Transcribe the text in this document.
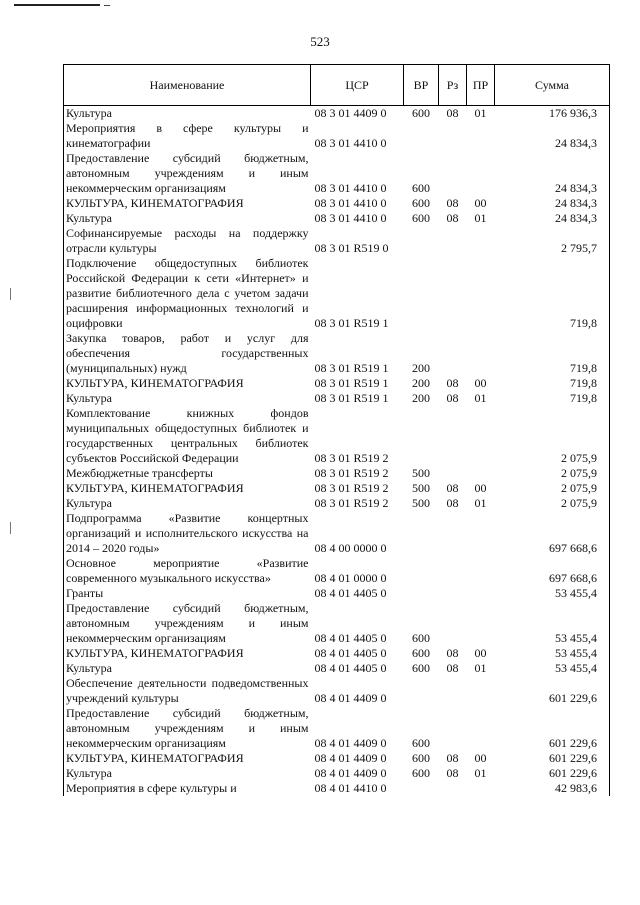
523
Наименование	ЦСР	ВР	Рз	ПР	Сумма
Культура	08 3 01 4409 0	600	08	01	176 936,3
Мероприятия в сфере культуры и кинематографии	08 3 01 4410 0				24 834,3
Предоставление субсидий бюджетным, автономным учреждениям и иным некоммерческим организациям	08 3 01 4410 0	600			24 834,3
КУЛЬТУРА, КИНЕМАТОГРАФИЯ	08 3 01 4410 0	600	08	00	24 834,3
Культура	08 3 01 4410 0	600	08	01	24 834,3
Софинансируемые расходы на поддержку отрасли культуры	08 3 01 R519 0				2 795,7
Подключение общедоступных библиотек Российской Федерации к сети «Интернет» и развитие библиотечного дела с учетом задачи расширения информационных технологий и оцифровки	08 3 01 R519 1				719,8
Закупка товаров, работ и услуг для обеспечения государственных (муниципальных) нужд	08 3 01 R519 1	200			719,8
КУЛЬТУРА, КИНЕМАТОГРАФИЯ	08 3 01 R519 1	200	08	00	719,8
Культура	08 3 01 R519 1	200	08	01	719,8
Комплектование книжных фондов муниципальных общедоступных библиотек и государственных центральных библиотек субъектов Российской Федерации	08 3 01 R519 2				2 075,9
Межбюджетные трансферты	08 3 01 R519 2	500			2 075,9
КУЛЬТУРА, КИНЕМАТОГРАФИЯ	08 3 01 R519 2	500	08	00	2 075,9
Культура	08 3 01 R519 2	500	08	01	2 075,9
Подпрограмма «Развитие концертных организаций и исполнительского искусства на 2014 – 2020 годы»	08 4 00 0000 0				697 668,6
Основное мероприятие «Развитие современного музыкального искусства»	08 4 01 0000 0				697 668,6
Гранты	08 4 01 4405 0				53 455,4
Предоставление субсидий бюджетным, автономным учреждениям и иным некоммерческим организациям	08 4 01 4405 0	600			53 455,4
КУЛЬТУРА, КИНЕМАТОГРАФИЯ	08 4 01 4405 0	600	08	00	53 455,4
Культура	08 4 01 4405 0	600	08	01	53 455,4
Обеспечение деятельности подведомственных учреждений культуры	08 4 01 4409 0				601 229,6
Предоставление субсидий бюджетным, автономным учреждениям и иным некоммерческим организациям	08 4 01 4409 0	600			601 229,6
КУЛЬТУРА, КИНЕМАТОГРАФИЯ	08 4 01 4409 0	600	08	00	601 229,6
Культура	08 4 01 4409 0	600	08	01	601 229,6
Мероприятия в сфере культуры и	08 4 01 4410 0				42 983,6
